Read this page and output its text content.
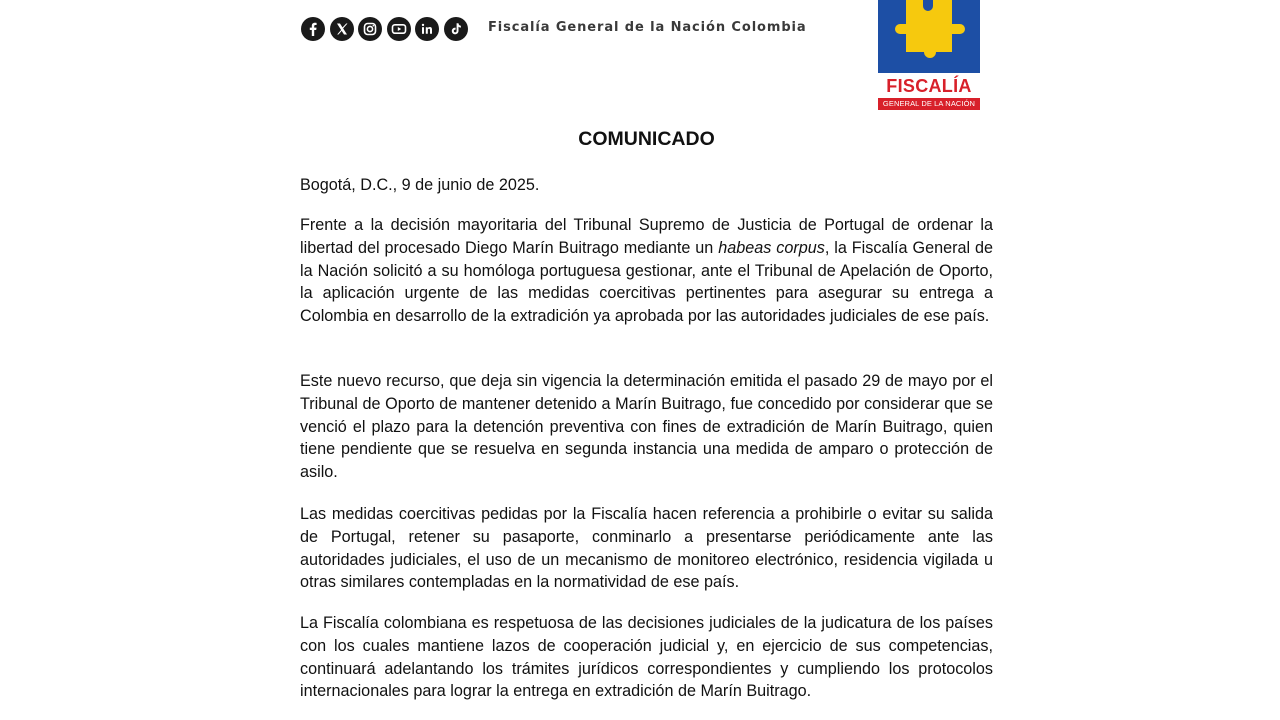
Fiscalía General de la Nación Colombia
FISCALÍA
GENERAL DE LA NACIÓN
COMUNICADO
Bogotá, D.C., 9 de junio de 2025.
Frente a la decisión mayoritaria del Tribunal Supremo de Justicia de Portugal de ordenar la libertad del procesado Diego Marín Buitrago mediante un habeas corpus, la Fiscalía General de la Nación solicitó a su homóloga portuguesa gestionar, ante el Tribunal de Apelación de Oporto, la aplicación urgente de las medidas coercitivas pertinentes para asegurar su entrega a Colombia en desarrollo de la extradición ya aprobada por las autoridades judiciales de ese país.
Este nuevo recurso, que deja sin vigencia la determinación emitida el pasado 29 de mayo por el Tribunal de Oporto de mantener detenido a Marín Buitrago, fue concedido por considerar que se venció el plazo para la detención preventiva con fines de extradición de Marín Buitrago, quien tiene pendiente que se resuelva en segunda instancia una medida de amparo o protección de asilo.
Las medidas coercitivas pedidas por la Fiscalía hacen referencia a prohibirle o evitar su salida de Portugal, retener su pasaporte, conminarlo a presentarse periódicamente ante las autoridades judiciales, el uso de un mecanismo de monitoreo electrónico, residencia vigilada u otras similares contempladas en la normatividad de ese país.
La Fiscalía colombiana es respetuosa de las decisiones judiciales de la judicatura de los países con los cuales mantiene lazos de cooperación judicial y, en ejercicio de sus competencias, continuará adelantando los trámites jurídicos correspondientes y cumpliendo los protocolos internacionales para lograr la entrega en extradición de Marín Buitrago.
